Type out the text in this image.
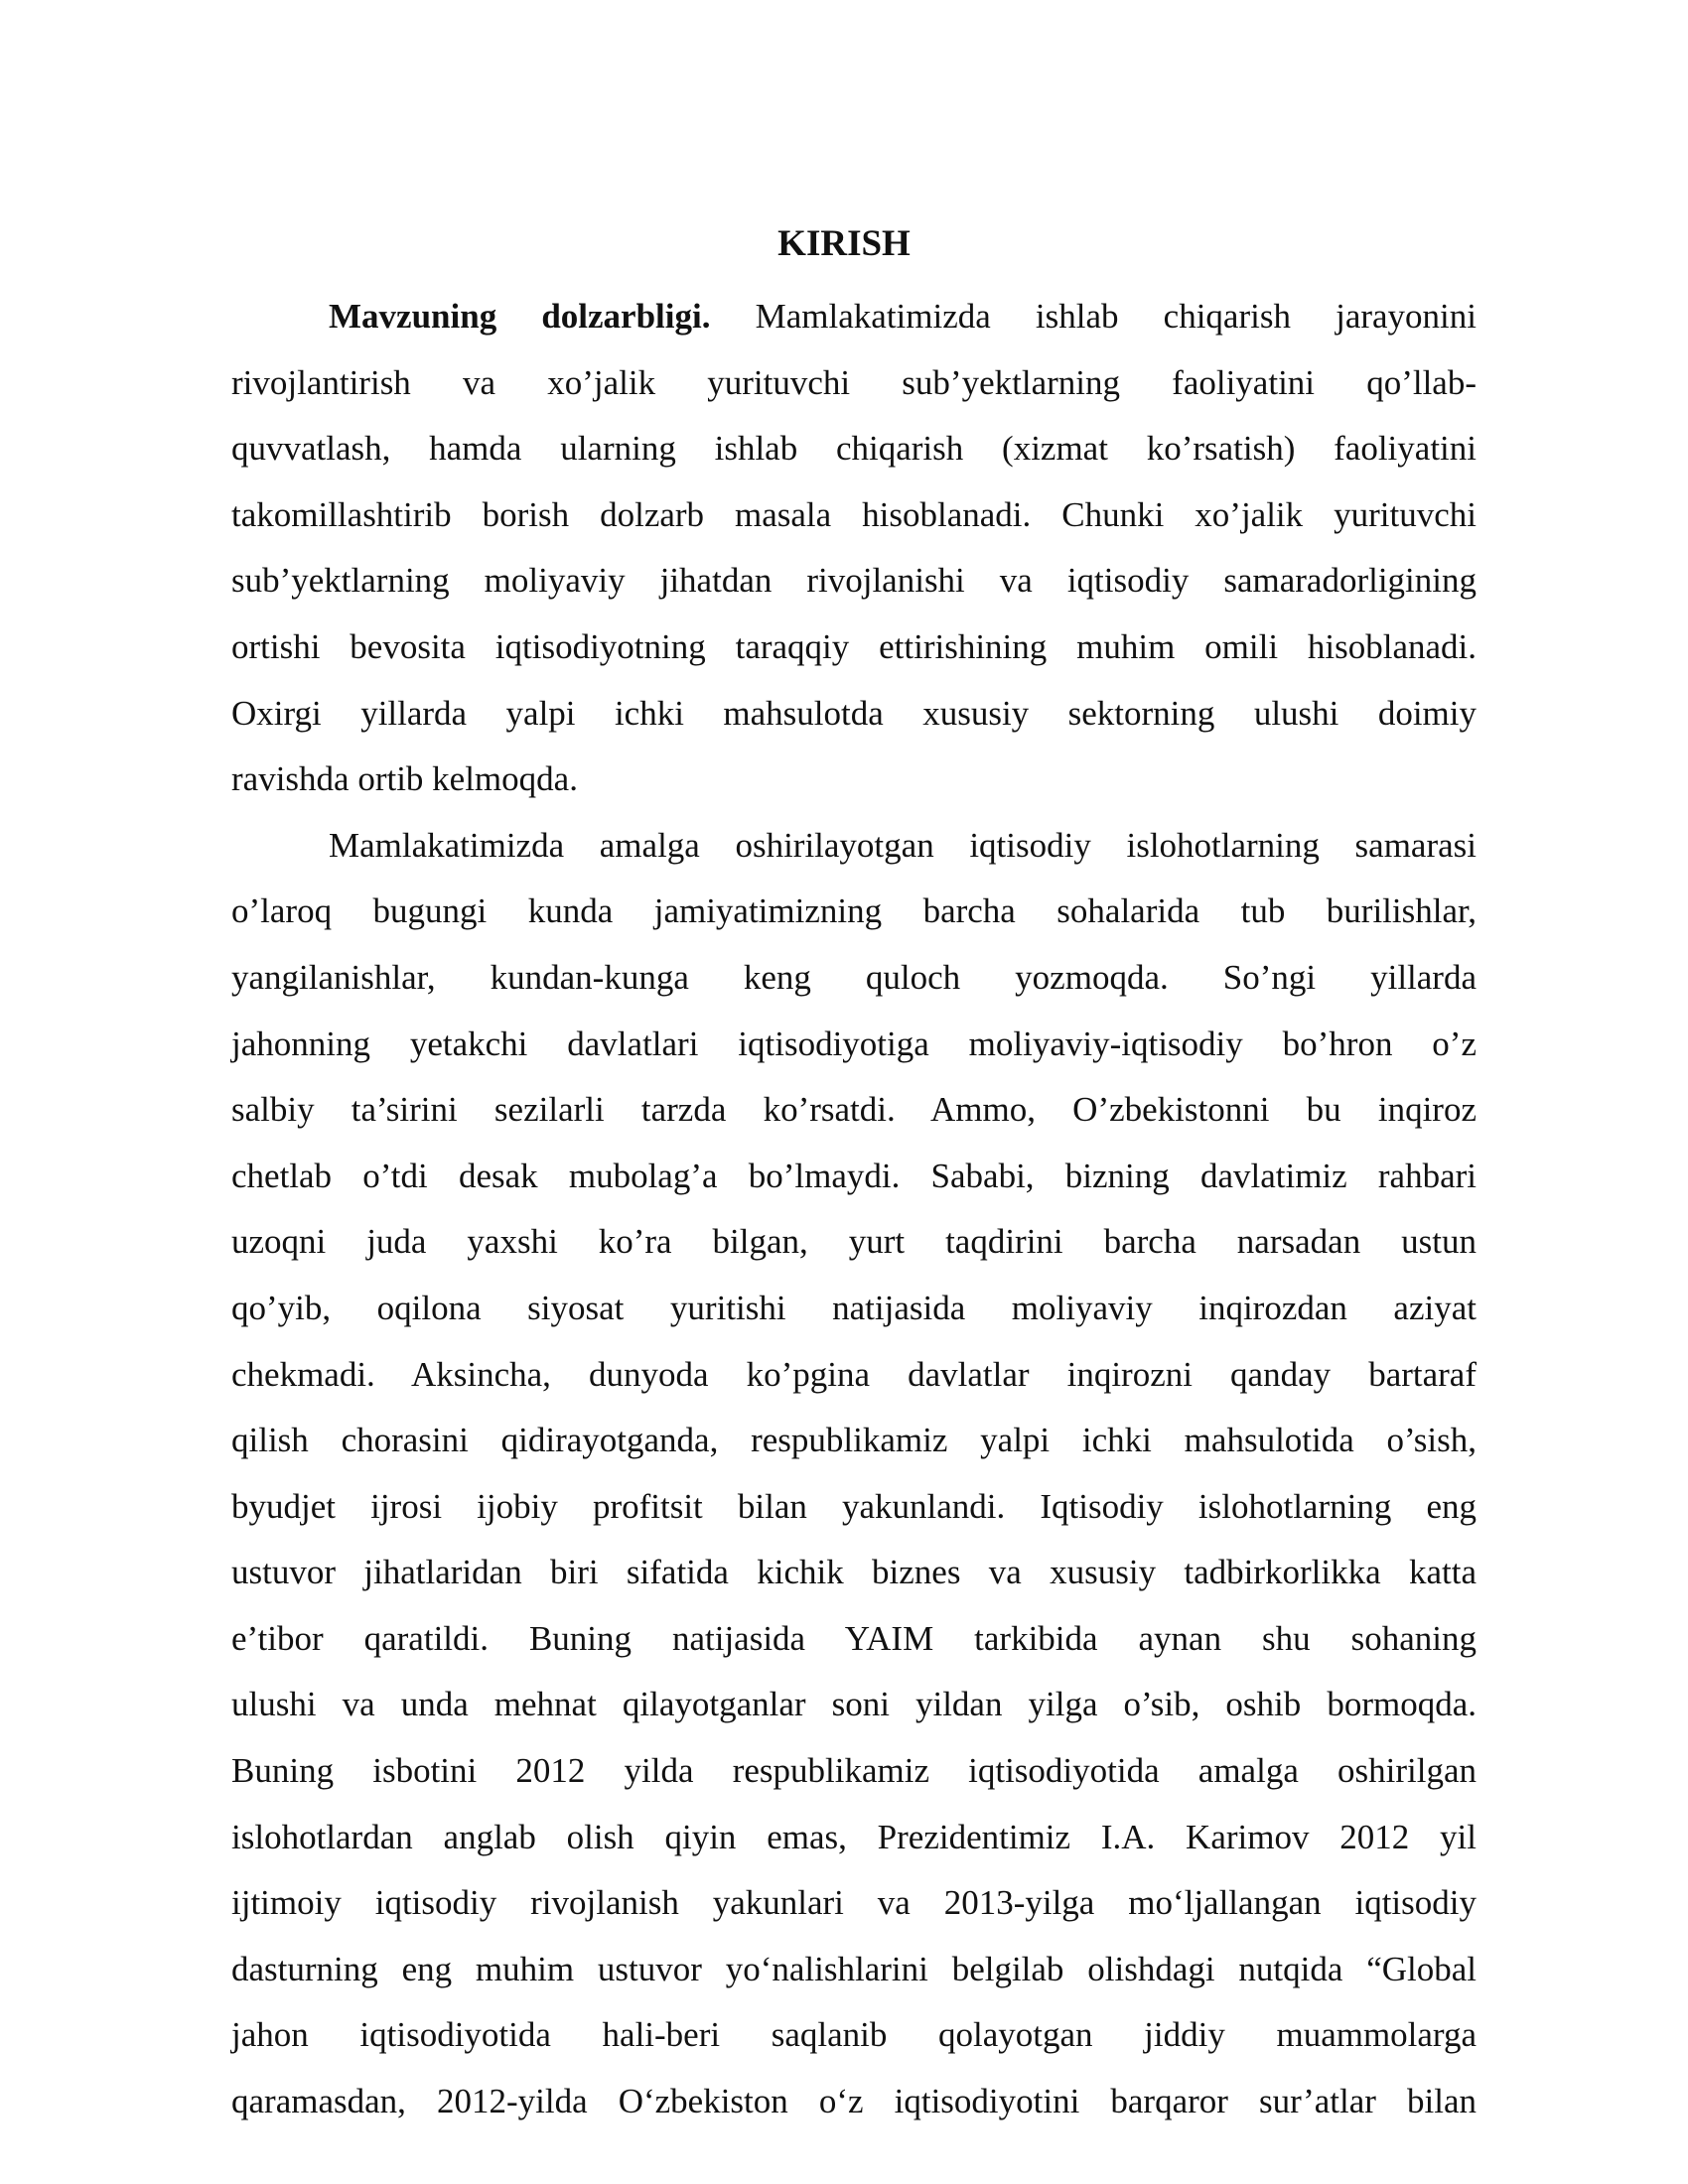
KIRISH
Mavzuning dolzarbligi. Mamlakatimizda ishlab chiqarish jarayonini
rivojlantirish va xo’jalik yurituvchi sub’yektlarning faoliyatini qo’llab-
quvvatlash, hamda ularning ishlab chiqarish (xizmat ko’rsatish) faoliyatini
takomillashtirib borish dolzarb masala hisoblanadi. Chunki xo’jalik yurituvchi
sub’yektlarning moliyaviy jihatdan rivojlanishi va iqtisodiy samaradorligining
ortishi bevosita iqtisodiyotning taraqqiy ettirishining muhim omili hisoblanadi.
Oxirgi yillarda yalpi ichki mahsulotda xususiy sektorning ulushi doimiy
ravishda ortib kelmoqda.
Mamlakatimizda amalga oshirilayotgan iqtisodiy islohotlarning samarasi
o’laroq bugungi kunda jamiyatimizning barcha sohalarida tub burilishlar,
yangilanishlar, kundan-kunga keng quloch yozmoqda. So’ngi yillarda
jahonning yetakchi davlatlari iqtisodiyotiga moliyaviy-iqtisodiy bo’hron o’z
salbiy ta’sirini sezilarli tarzda ko’rsatdi. Ammo, O’zbekistonni bu inqiroz
chetlab o’tdi desak mubolag’a bo’lmaydi. Sababi, bizning davlatimiz rahbari
uzoqni juda yaxshi ko’ra bilgan, yurt taqdirini barcha narsadan ustun
qo’yib, oqilona siyosat yuritishi natijasida moliyaviy inqirozdan aziyat
chekmadi. Aksincha, dunyoda ko’pgina davlatlar inqirozni qanday bartaraf
qilish chorasini qidirayotganda, respublikamiz yalpi ichki mahsulotida o’sish,
byudjet ijrosi ijobiy profitsit bilan yakunlandi. Iqtisodiy islohotlarning eng
ustuvor jihatlaridan biri sifatida kichik biznes va xususiy tadbirkorlikka katta
e’tibor qaratildi. Buning natijasida YAIM tarkibida aynan shu sohaning
ulushi va unda mehnat qilayotganlar soni yildan yilga o’sib, oshib bormoqda.
Buning isbotini 2012 yilda respublikamiz iqtisodiyotida amalga oshirilgan
islohotlardan anglab olish qiyin emas, Prezidentimiz I.A. Karimov 2012 yil
ijtimoiy iqtisodiy rivojlanish yakunlari va 2013-yilga mo‘ljallangan iqtisodiy
dasturning eng muhim ustuvor yo‘nalishlarini belgilab olishdagi nutqida “Global
jahon iqtisodiyotida hali-beri saqlanib qolayotgan jiddiy muammolarga
qaramasdan, 2012-yilda O‘zbekiston o‘z iqtisodiyotini barqaror sur’atlar bilan
